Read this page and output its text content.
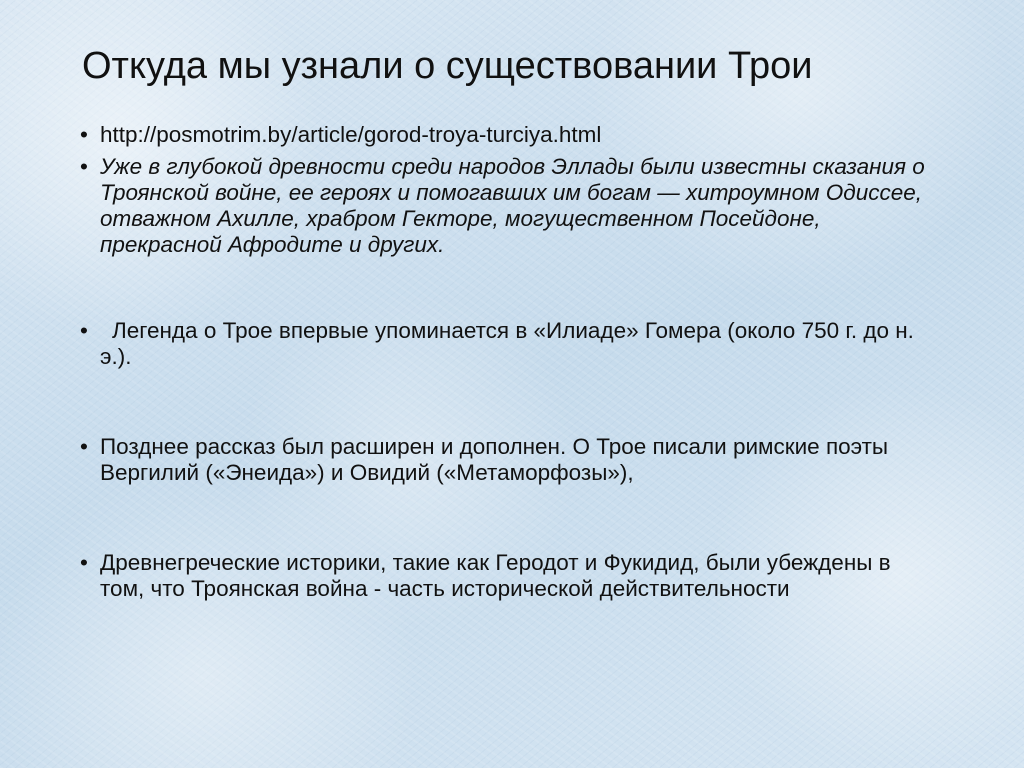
Откуда мы узнали о существовании Трои
• http://posmotrim.by/article/gorod-troya-turciya.html
• Уже в глубокой древности среди народов Эллады были известны сказания о Троянской войне, ее героях и помогавших им богам — хитроумном Одиссее, отважном Ахилле, храбром Гекторе, могущественном Посейдоне, прекрасной Афродите и других.
• Легенда о Трое впервые упоминается в «Илиаде» Гомера (около 750 г. до н. э.).
• Позднее рассказ был расширен и дополнен. О Трое писали римские поэты Вергилий («Энеида») и Овидий («Метаморфозы»),
• Древнегреческие историки, такие как Геродот и Фукидид, были убеждены в том, что Троянская война - часть исторической действительности
